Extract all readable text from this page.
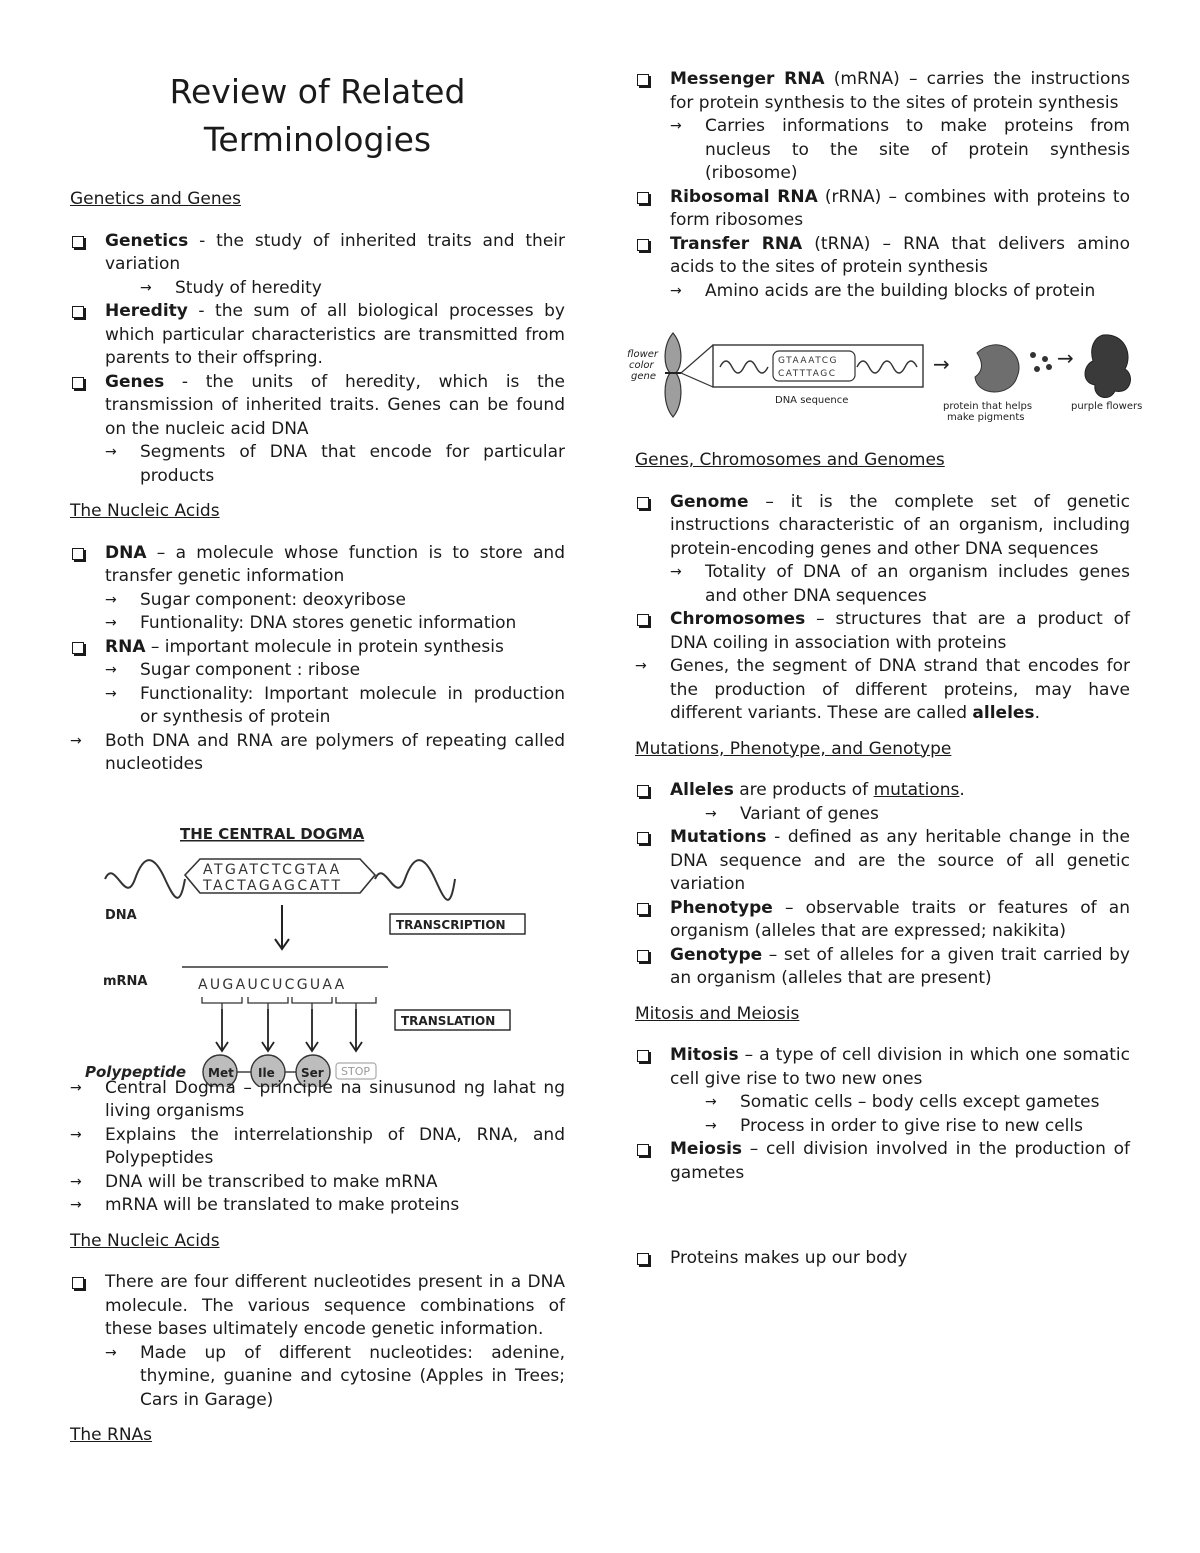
Review of Related
Terminologies
Genetics and Genes
Genetics - the study of inherited traits and their variation
→ Study of heredity
Heredity - the sum of all biological processes by which particular characteristics are transmitted from parents to their offspring.
Genes - the units of heredity, which is the transmission of inherited traits. Genes can be found on the nucleic acid DNA
→ Segments of DNA that encode for particular products
The Nucleic Acids
DNA – a molecule whose function is to store and transfer genetic information
→ Sugar component: deoxyribose
→ Funtionality: DNA stores genetic information
RNA – important molecule in protein synthesis
→ Sugar component : ribose
→ Functionality: Important molecule in production or synthesis of protein
→ Both DNA and RNA are polymers of repeating called nucleotides
THE CENTRAL DOGMA
ATGATCTCGTAA
TACTAGAGCATT
DNA
TRANSCRIPTION
mRNA	AUGAUCUCGUAA
TRANSLATION
Polypeptide Met Ile Ser STOP
→ Central Dogma – principle na sinusunod ng lahat ng living organisms
→ Explains the interrelationship of DNA, RNA, and Polypeptides
→ DNA will be transcribed to make mRNA
→ mRNA will be translated to make proteins
The Nucleic Acids
There are four different nucleotides present in a DNA molecule. The various sequence combinations of these bases ultimately encode genetic information.
→ Made up of different nucleotides: adenine, thymine, guanine and cytosine (Apples in Trees; Cars in Garage)
The RNAs
Messenger RNA (mRNA) – carries the instructions for protein synthesis to the sites of protein synthesis
→ Carries informations to make proteins from nucleus to the site of protein synthesis (ribosome)
Ribosomal RNA (rRNA) – combines with proteins to form ribosomes
Transfer RNA (tRNA) – RNA that delivers amino acids to the sites of protein synthesis
→ Amino acids are the building blocks of protein
flower
color
gene
GTAAATCG
CATTTAGC
DNA sequence
→
protein that helps
make pigments
→
purple flowers
Genes, Chromosomes and Genomes
Genome – it is the complete set of genetic instructions characteristic of an organism, including protein-encoding genes and other DNA sequences
→ Totality of DNA of an organism includes genes and other DNA sequences
Chromosomes – structures that are a product of DNA coiling in association with proteins
→ Genes, the segment of DNA strand that encodes for the production of different proteins, may have different variants. These are called alleles.
Mutations, Phenotype, and Genotype
Alleles are products of mutations.
→ Variant of genes
Mutations - defined as any heritable change in the DNA sequence and are the source of all genetic variation
Phenotype – observable traits or features of an organism (alleles that are expressed; nakikita)
Genotype – set of alleles for a given trait carried by an organism (alleles that are present)
Mitosis and Meiosis
Mitosis – a type of cell division in which one somatic cell give rise to two new ones
→ Somatic cells – body cells except gametes
→ Process in order to give rise to new cells
Meiosis – cell division involved in the production of gametes
Proteins makes up our body
